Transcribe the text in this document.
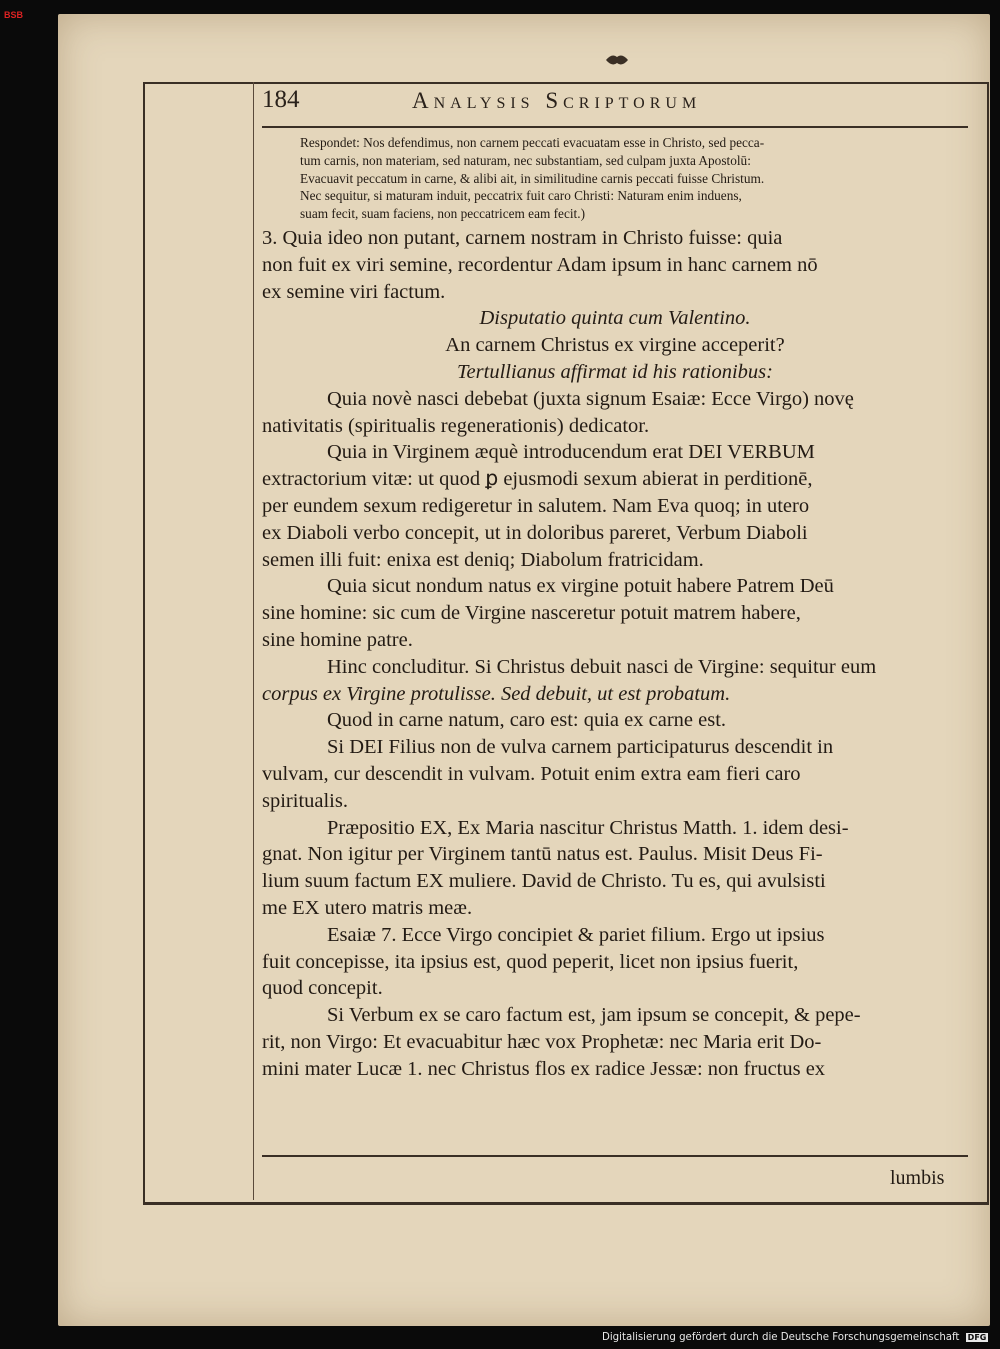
BSB
184	Analysis Scriptorum
Respondet: Nos defendimus, non carnem peccati evacuatam esse in Christo, sed pecca-
tum carnis, non materiam, sed naturam, nec substantiam, sed culpam juxta Apostolū:
Evacuavit peccatum in carne, & alibi ait, in similitudine carnis peccati fuisse Christum.
Nec sequitur, si maturam induit, peccatrix fuit caro Christi: Naturam enim induens,
suam fecit, suam faciens, non peccatricem eam fecit.)
3. Quia ideo non putant, carnem nostram in Christo fuisse: quia
non fuit ex viri semine, recordentur Adam ipsum in hanc carnem nō
ex semine viri factum.
Disputatio quinta cum Valentino.
An carnem Christus ex virgine acceperit?
Tertullianus affirmat id his rationibus:
Quia novè nasci debebat (juxta signum Esaiæ: Ecce Virgo) novę
nativitatis (spiritualis regenerationis) dedicator.
Quia in Virginem æquè introducendum erat DEI VERBUM
extractorium vitæ: ut quod ꝑ ejusmodi sexum abierat in perditionē,
per eundem sexum redigeretur in salutem. Nam Eva quoq; in utero
ex Diaboli verbo concepit, ut in doloribus pareret, Verbum Diaboli
semen illi fuit: enixa est deniq; Diabolum fratricidam.
Quia sicut nondum natus ex virgine potuit habere Patrem Deū
sine homine: sic cum de Virgine nasceretur potuit matrem habere,
sine homine patre.
Hinc concluditur. Si Christus debuit nasci de Virgine: sequitur eum
corpus ex Virgine protulisse. Sed debuit, ut est probatum.
Quod in carne natum, caro est: quia ex carne est.
Si DEI Filius non de vulva carnem participaturus descendit in
vulvam, cur descendit in vulvam. Potuit enim extra eam fieri caro
spiritualis.
Præpositio EX, Ex Maria nascitur Christus Matth. 1. idem desi-
gnat. Non igitur per Virginem tantū natus est. Paulus. Misit Deus Fi-
lium suum factum EX muliere. David de Christo. Tu es, qui avulsisti
me EX utero matris meæ.
Esaiæ 7. Ecce Virgo concipiet & pariet filium. Ergo ut ipsius
fuit concepisse, ita ipsius est, quod peperit, licet non ipsius fuerit,
quod concepit.
Si Verbum ex se caro factum est, jam ipsum se concepit, & pepe-
rit, non Virgo: Et evacuabitur hæc vox Prophetæ: nec Maria erit Do-
mini mater Lucæ 1. nec Christus flos ex radice Jessæ: non fructus ex
lumbis
Digitalisierung gefördert durch die Deutsche Forschungsgemeinschaft DFG
